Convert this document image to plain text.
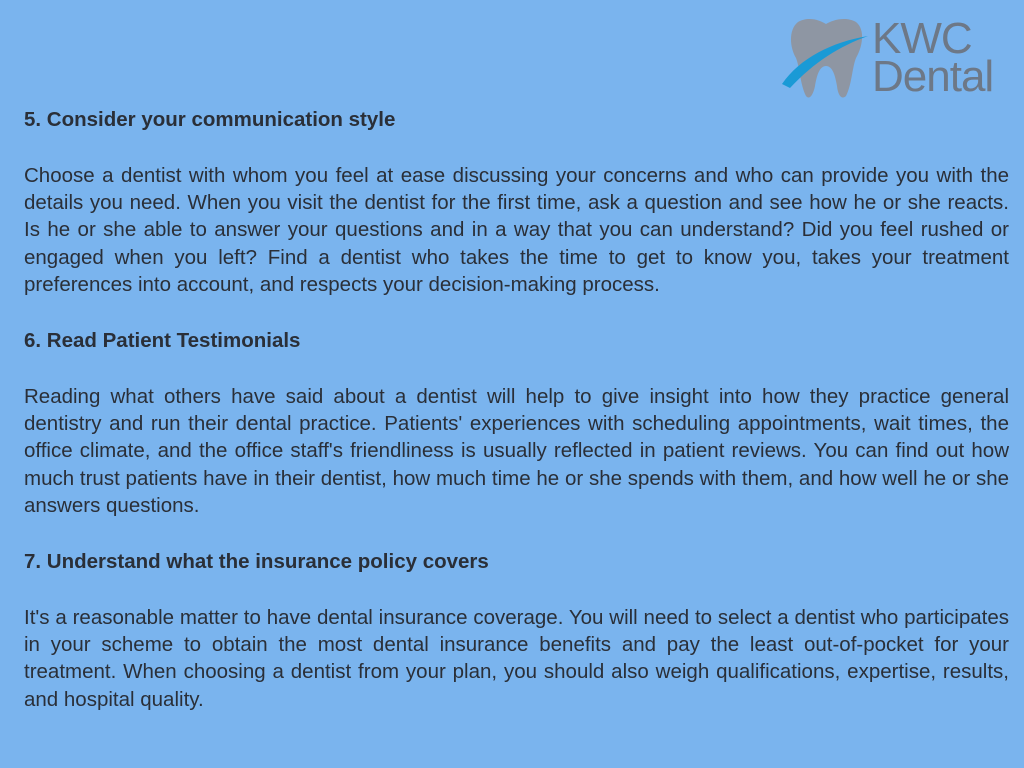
KWC
Dental
5. Consider your communication style

Choose a dentist with whom you feel at ease discussing your concerns and who can provide you with the details you need. When you visit the dentist for the first time, ask a question and see how he or she reacts. Is he or she able to answer your questions and in a way that you can understand? Did you feel rushed or engaged when you left? Find a dentist who takes the time to get to know you, takes your treatment preferences into account, and respects your decision-making process.

6. Read Patient Testimonials

Reading what others have said about a dentist will help to give insight into how they practice general dentistry and run their dental practice. Patients' experiences with scheduling appointments, wait times, the office climate, and the office staff's friendliness is usually reflected in patient reviews. You can find out how much trust patients have in their dentist, how much time he or she spends with them, and how well he or she answers questions.

7. Understand what the insurance policy covers

It's a reasonable matter to have dental insurance coverage. You will need to select a dentist who participates in your scheme to obtain the most dental insurance benefits and pay the least out-of-pocket for your treatment. When choosing a dentist from your plan, you should also weigh qualifications, expertise, results, and hospital quality.
